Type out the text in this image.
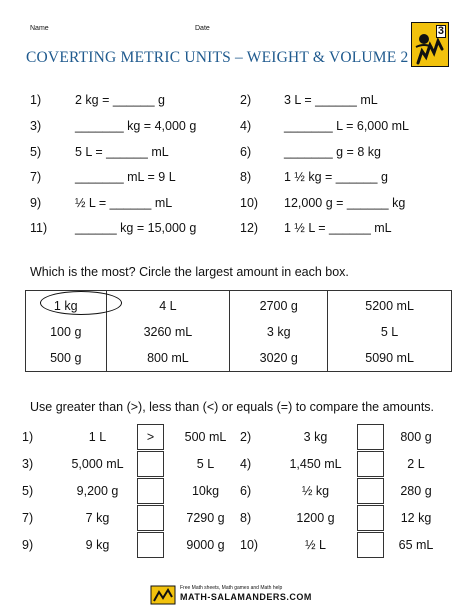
Name	Date
COVERTING METRIC UNITS – WEIGHT & VOLUME 2
3
1)	2 kg = ______ g
3)	_______ kg = 4,000 g
5)	5 L = ______ mL
7)	_______ mL = 9 L
9)	½ L = ______ mL
11) ______ kg = 15,000 g
2)	3 L = ______ mL
4)	_______ L = 6,000 mL
6)	_______ g = 8 kg
8)	1 ½ kg = ______ g
10) 12,000 g = ______ kg
12) 1 ½ L = ______ mL
Which is the most? Circle the largest amount in each box.
1 kg	4 L	2700 g	5200 mL
100 g	3260 mL	3 kg	5 L
500 g	800 mL	3020 g	5090 mL
Use greater than (>), less than (<) or equals (=) to compare the amounts.
1)	1 L	>	500 mL	2)	3 kg	800 g
3)	5,000 mL	5 L	4)	1,450 mL	2 L
5)	9,200 g	10kg	6)	½ kg	280 g
7)	7 kg	7290 g	8)	1200 g	12 kg
9)	9 kg	9000 g	10)	½ L	65 mL
Free Math sheets, Math games and Math help
MATH-SALAMANDERS.COM
